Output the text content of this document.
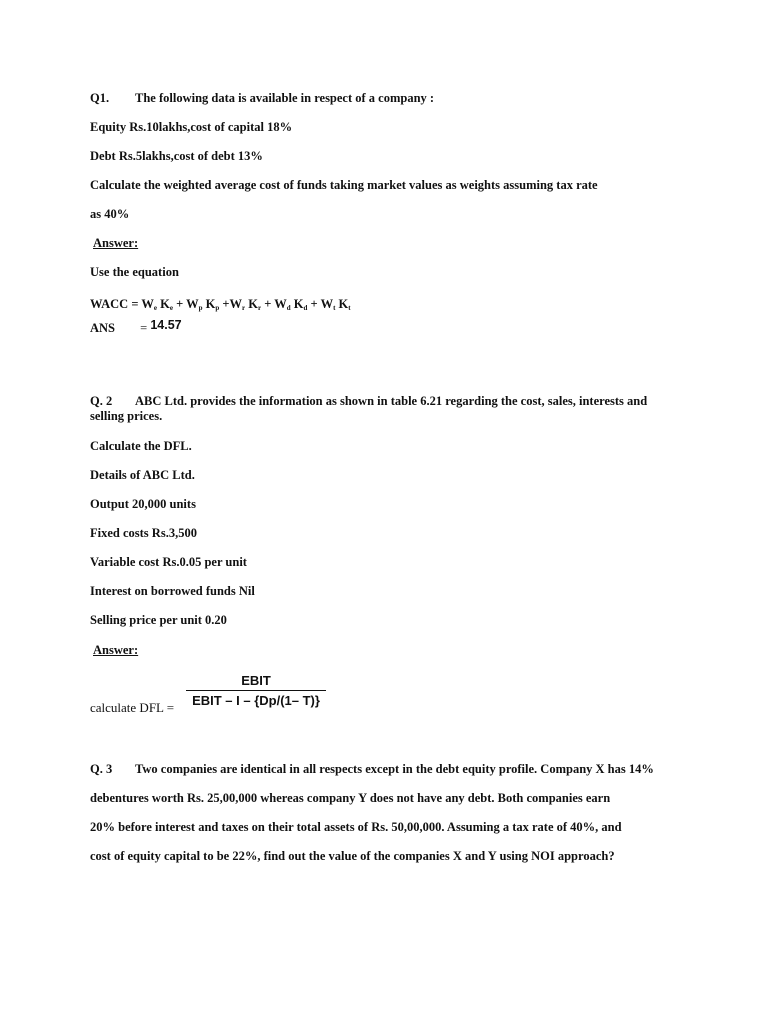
Q1. The following data is available in respect of a company :
Equity Rs.10lakhs,cost of capital 18%
Debt Rs.5lakhs,cost of debt 13%
Calculate the weighted average cost of funds taking market values as weights assuming tax rate
as 40%
Answer:
Use the equation
WACC = $W_e$ $K_e + W_p$ $K_p +W_r$ $K_r + W_d$ $K_d + W_t$ $K_t$
ANS = 14.57
Q. 2 ABC Ltd. provides the information as shown in table 6.21 regarding the cost, sales, interests and selling prices.
Calculate the DFL.
Details of ABC Ltd.
Output 20,000 units
Fixed costs Rs.3,500
Variable cost Rs.0.05 per unit
Interest on borrowed funds Nil
Selling price per unit 0.20
Answer:
calculate DFL =
EBIT
EBIT – I – {Dp/(1– T)}
Q. 3 Two companies are identical in all respects except in the debt equity profile. Company X has 14%
debentures worth Rs. 25,00,000 whereas company Y does not have any debt. Both companies earn
20% before interest and taxes on their total assets of Rs. 50,00,000. Assuming a tax rate of 40%, and
cost of equity capital to be 22%, find out the value of the companies X and Y using NOI approach?
